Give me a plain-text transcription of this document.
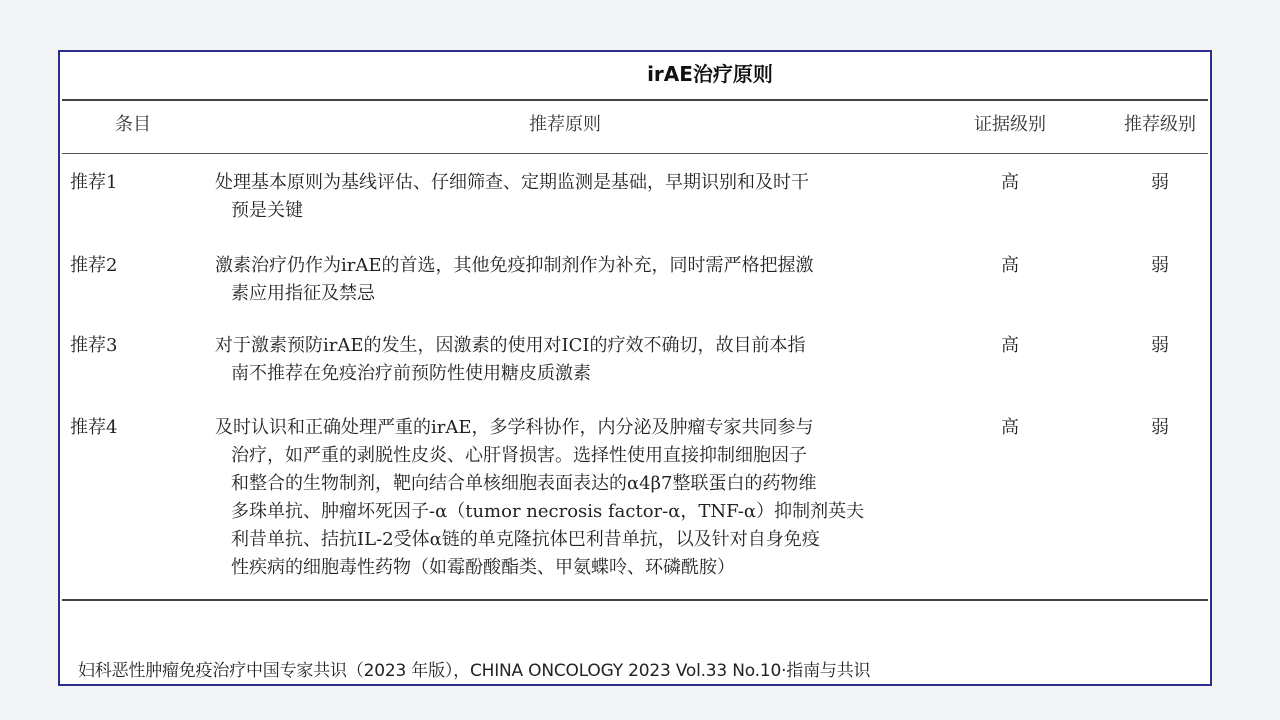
irAE治疗原则
条目	推荐原则	证据级别	推荐级别
推荐1	处理基本原则为基线评估、仔细筛查、定期监测是基础，早期识别和及时干
预是关键
高	弱
推荐2	激素治疗仍作为irAE的首选，其他免疫抑制剂作为补充，同时需严格把握激
素应用指征及禁忌
高	弱
推荐3	对于激素预防irAE的发生，因激素的使用对ICI的疗效不确切，故目前本指
南不推荐在免疫治疗前预防性使用糖皮质激素
高	弱
推荐4	及时认识和正确处理严重的irAE，多学科协作，内分泌及肿瘤专家共同参与
治疗，如严重的剥脱性皮炎、心肝肾损害。选择性使用直接抑制细胞因子
和整合的生物制剂，靶向结合单核细胞表面表达的α4β7整联蛋白的药物维
多珠单抗、肿瘤坏死因子-α（tumor necrosis factor-α，TNF-α）抑制剂英夫
利昔单抗、拮抗IL-2受体α链的单克隆抗体巴利昔单抗，以及针对自身免疫
性疾病的细胞毒性药物（如霉酚酸酯类、甲氨蝶呤、环磷酰胺）
高	弱
妇科恶性肿瘤免疫治疗中国专家共识（2023 年版），CHINA ONCOLOGY 2023 Vol.33 No.10·指南与共识
